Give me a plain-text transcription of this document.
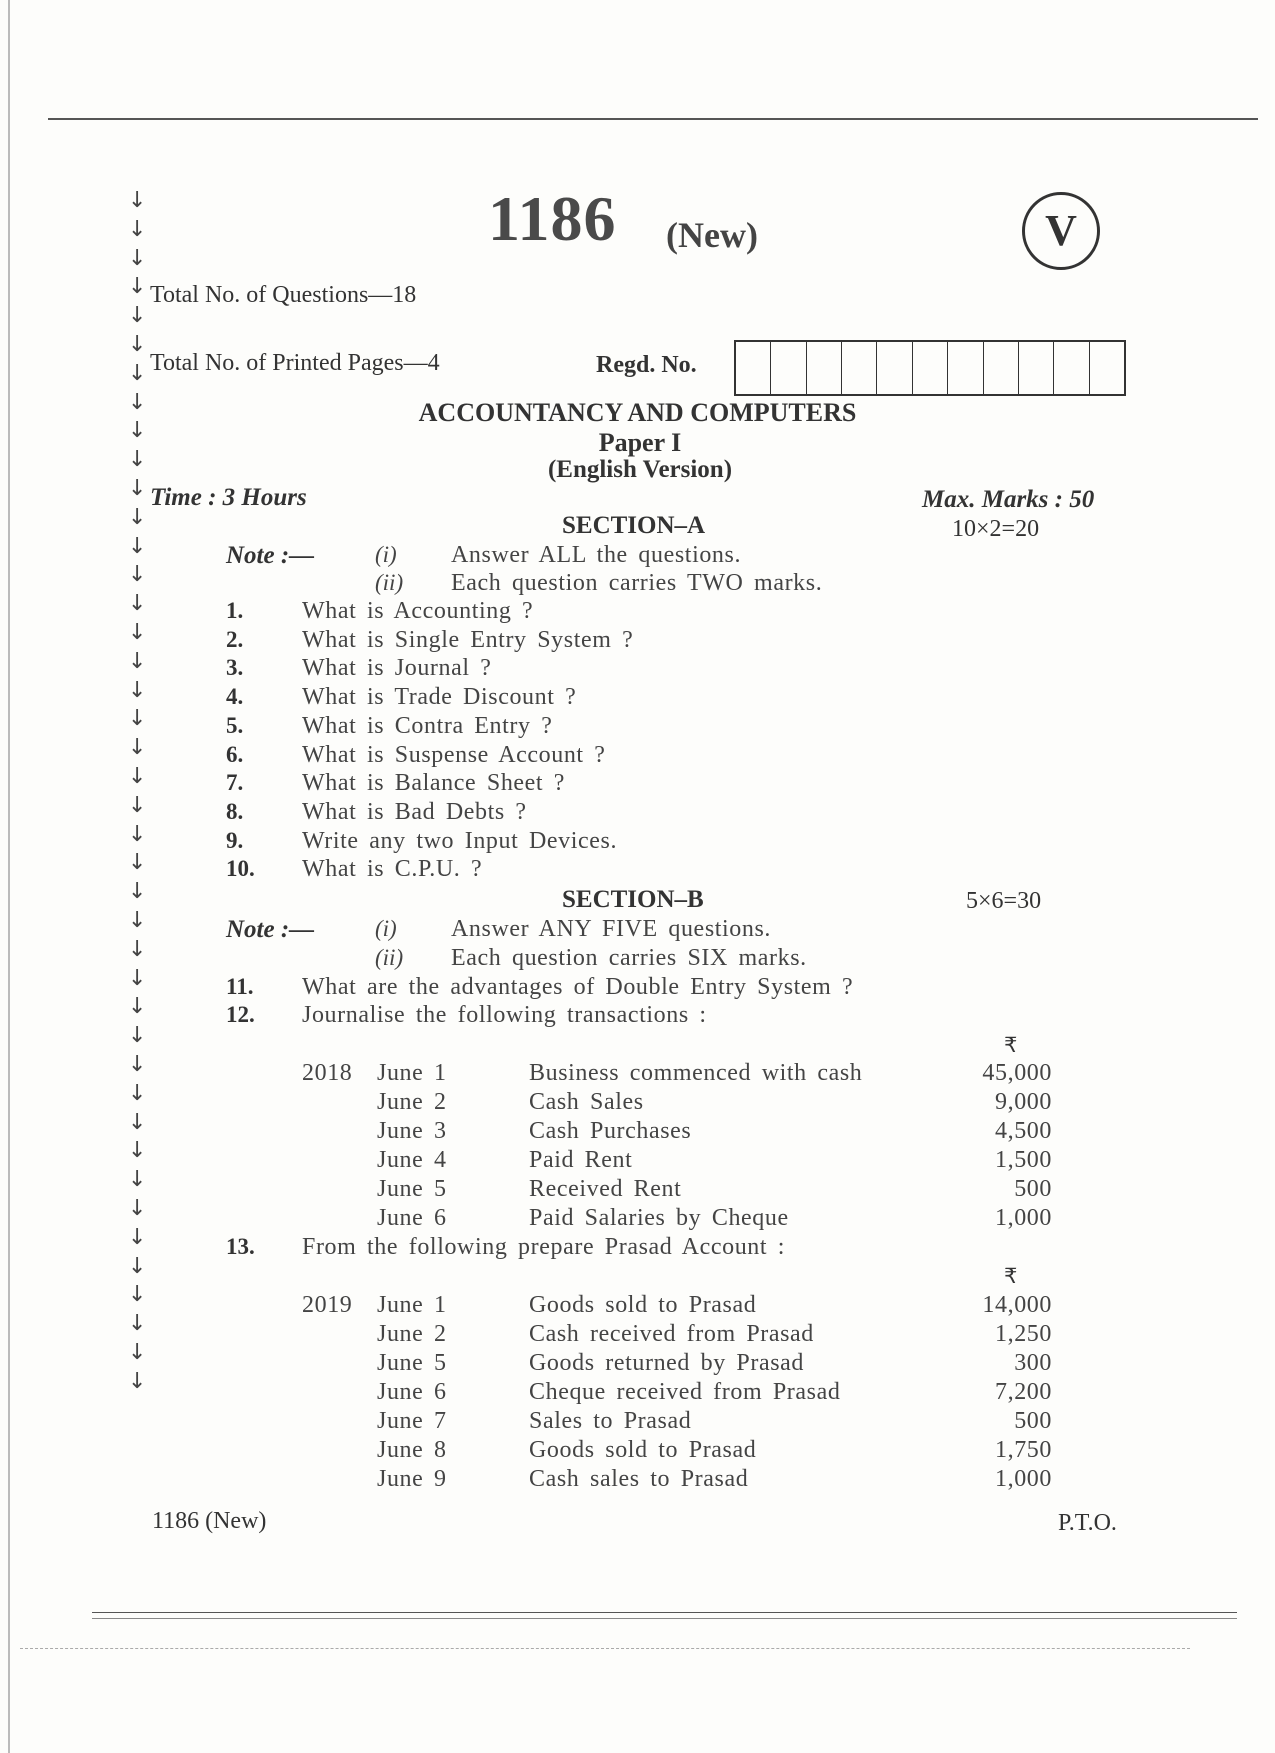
↓
↓
↓
↓
↓
↓
↓
↓
↓
↓
↓
↓
↓
↓
↓
↓
↓
↓
↓
↓
↓
↓
↓
↓
↓
↓
↓
↓
↓
↓
↓
↓
↓
↓
↓
↓
↓
↓
↓
↓
↓
↓
1186 (New)	V
Total No. of Questions—18
Total No. of Printed Pages—4	Regd. No.
ACCOUNTANCY AND COMPUTERS
Paper I
(English Version)
Time : 3 Hours	Max. Marks : 50
SECTION–A	10×2=20
Note :—	(i) Answer ALL the questions.
(ii) Each question carries TWO marks.
1. What is Accounting ?
2. What is Single Entry System ?
3. What is Journal ?
4. What is Trade Discount ?
5. What is Contra Entry ?
6. What is Suspense Account ?
7. What is Balance Sheet ?
8. What is Bad Debts ?
9. Write any two Input Devices.
10. What is C.P.U. ?
SECTION–B	5×6=30
Note :—	(i) Answer ANY FIVE questions.
(ii) Each question carries SIX marks.
11. What are the advantages of Double Entry System ?
12. Journalise the following transactions :
₹
2018 June 1	Business commenced with cash	45,000
June 2	Cash Sales	9,000
June 3	Cash Purchases	4,500
June 4	Paid Rent	1,500
June 5	Received Rent	500
June 6	Paid Salaries by Cheque	1,000
13. From the following prepare Prasad Account :
₹
2019 June 1	Goods sold to Prasad	14,000
June 2	Cash received from Prasad	1,250
June 5	Goods returned by Prasad	300
June 6	Cheque received from Prasad	7,200
June 7	Sales to Prasad	500
June 8	Goods sold to Prasad	1,750
June 9	Cash sales to Prasad	1,000
1186 (New)	P.T.O.
